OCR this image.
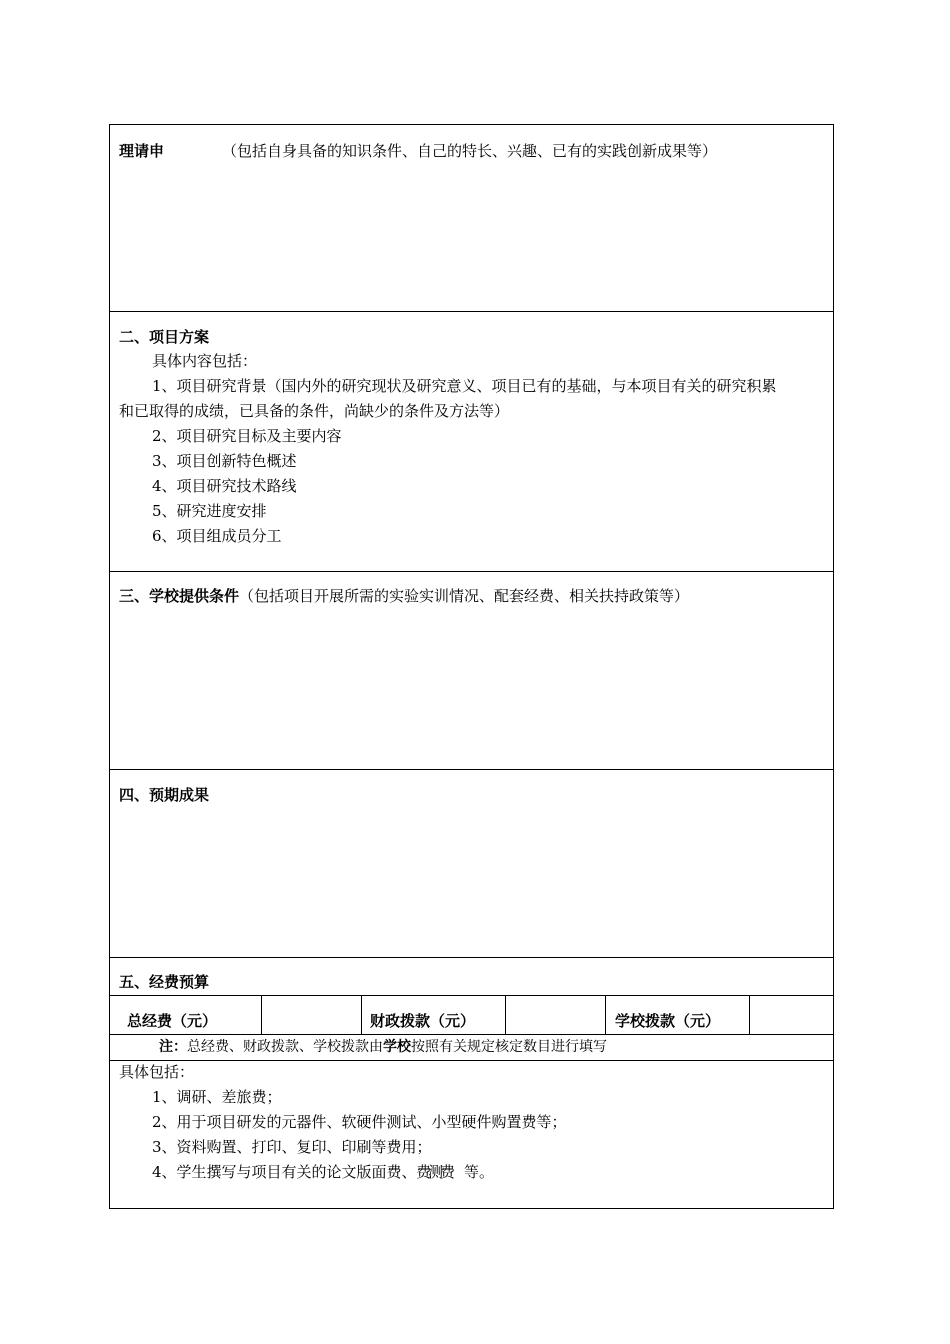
理请申	（包括自身具备的知识条件、自己的特长、兴趣、已有的实践创新成果等）
二、项目方案
具体内容包括：
1、项目研究背景（国内外的研究现状及研究意义、项目已有的基础，与本项目有关的研究积累
和已取得的成绩，已具备的条件，尚缺少的条件及方法等）
2、项目研究目标及主要内容
3、项目创新特色概述
4、项目研究技术路线
5、研究进度安排
6、项目组成员分工
三、学校提供条件（包括项目开展所需的实验实训情况、配套经费、相关扶持政策等）
四、预期成果
五、经费预算
总经费（元）	财政拨款（元）	学校拨款（元）
注：总经费、财政拨款、学校拨款由学校按照有关规定核定数目进行填写
具体包括：
1、调研、差旅费；
2、用于项目研发的元器件、软硬件测试、小型硬件购置费等；
3、资料购置、打印、复印、印刷等费用；
4、学生撰写与项目有关的论文版面费、 费测费 等。
